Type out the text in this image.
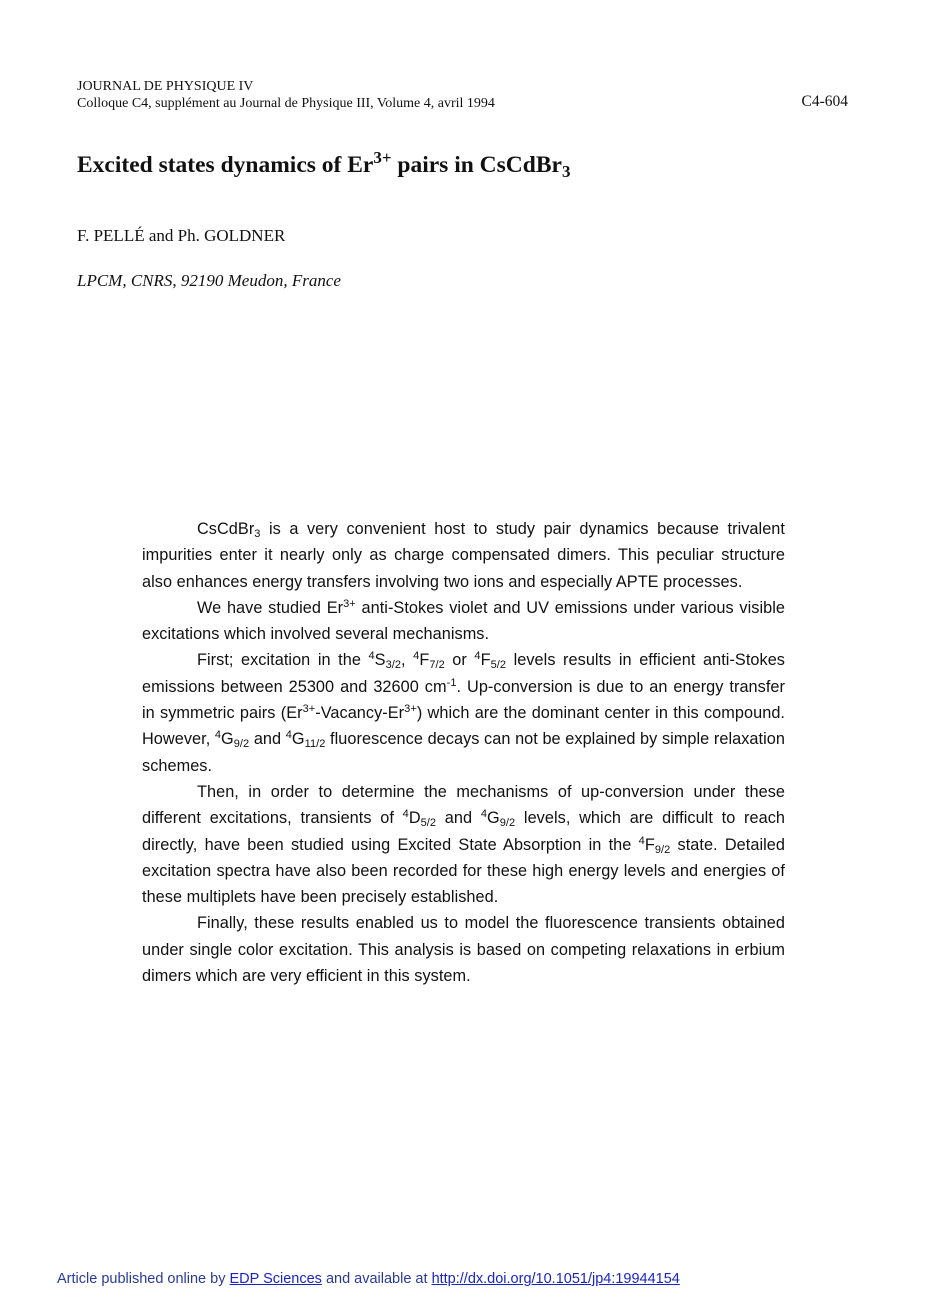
JOURNAL DE PHYSIQUE IV
Colloque C4, supplément au Journal de Physique III, Volume 4, avril 1994	C4-604
Excited states dynamics of $Er^{3+}$ pairs in CsCdBr$_3$
F. PELLÉ and Ph. GOLDNER
LPCM, CNRS, 92190 Meudon, France

CsCdBr$_3$ is a very convenient host to study pair dynamics because trivalent impurities enter it nearly only as charge compensated dimers. This peculiar structure also enhances energy transfers involving two ions and especially APTE processes.

We have studied $Er^{3+}$ anti-Stokes violet and UV emissions under various visible excitations which involved several mechanisms.

First; excitation in the $^4S_{3/2}$, $^4F_{7/2}$ or $^4F_{5/2}$ levels results in efficient anti-Stokes emissions between 25300 and 32600 $cm^{-1}$. Up-conversion is due to an energy transfer in symmetric pairs $(Er^{3+}-Vacancy-Er^{3+})$ which are the dominant center in this compound. However, $^4G_{9/2}$ and $^4G_{11/2}$ fluorescence decays can not be explained by simple relaxation schemes.

Then, in order to determine the mechanisms of up-conversion under these different excitations, transients of $^4D_{5/2}$ and $^4G_{9/2}$ levels, which are difficult to reach directly, have been studied using Excited State Absorption in the $^4F_{9/2}$ state. Detailed excitation spectra have also been recorded for these high energy levels and energies of these multiplets have been precisely established.

Finally, these results enabled us to model the fluorescence transients obtained under single color excitation. This analysis is based on competing relaxations in erbium dimers which are very efficient in this system.

Article published online by EDP Sciences and available at http://dx.doi.org/10.1051/jp4:19944154
